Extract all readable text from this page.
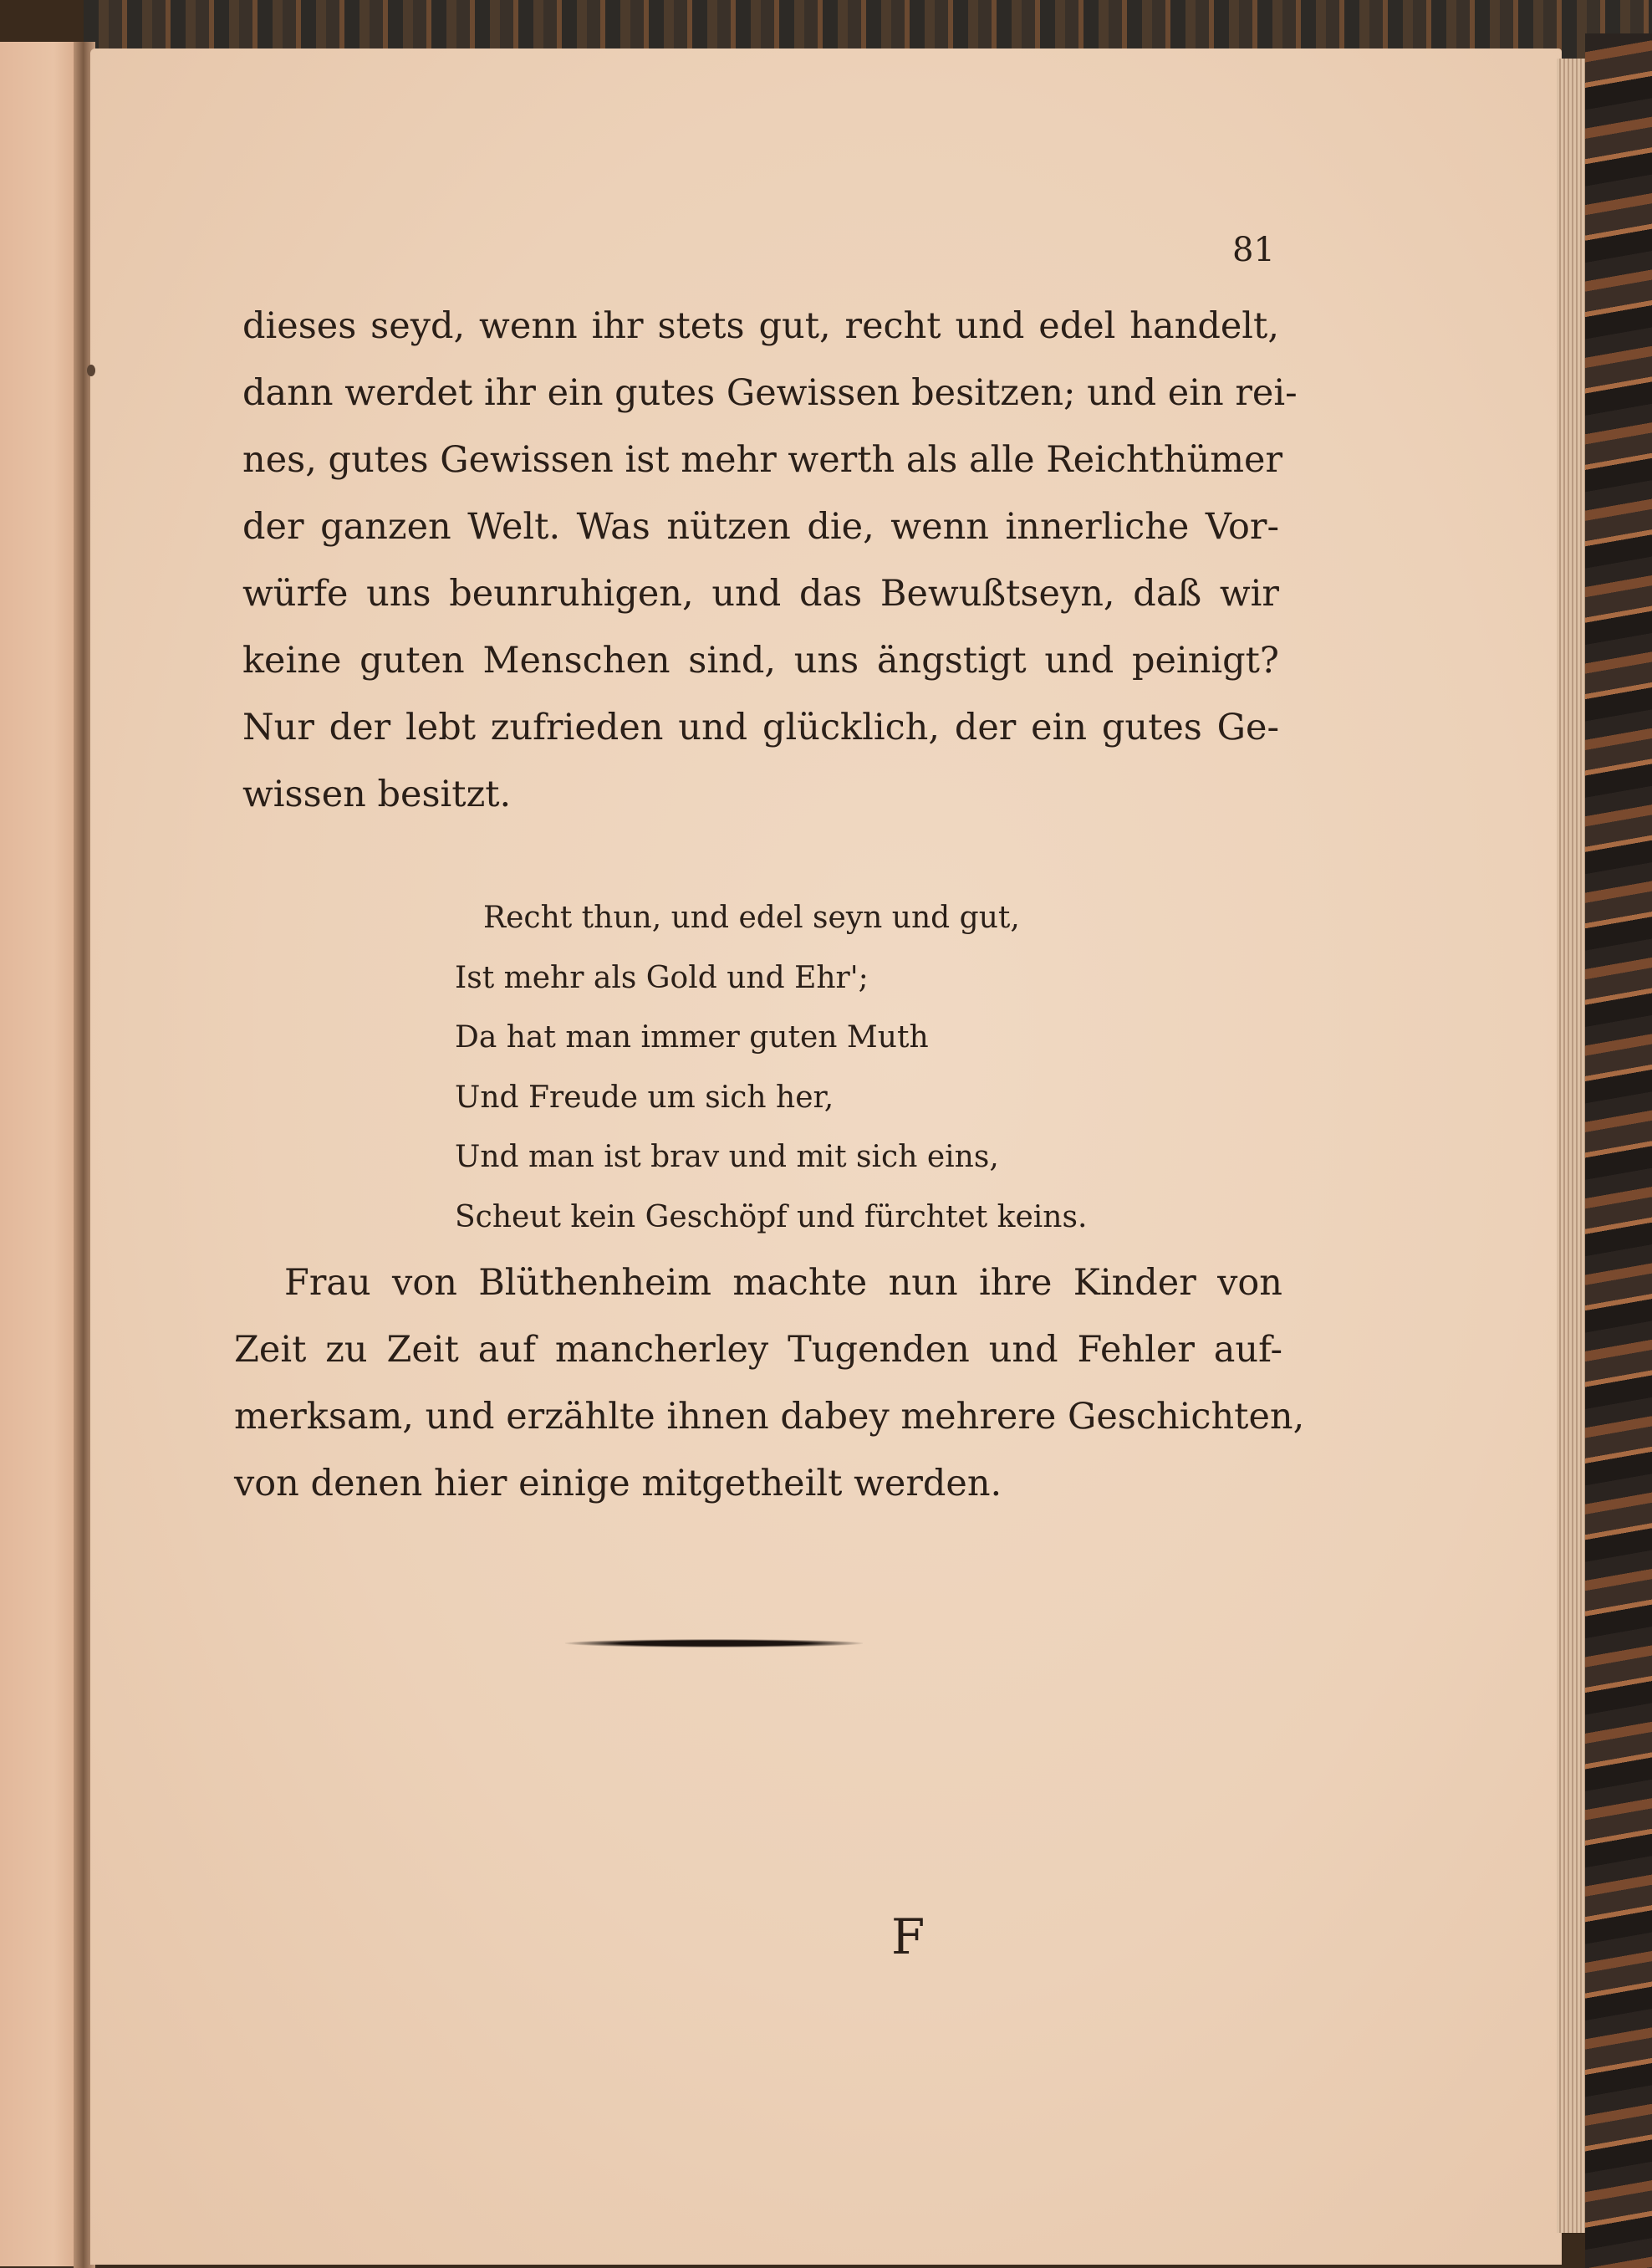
81
dieses seyd, wenn ihr stets gut, recht und edel handelt,
dann werdet ihr ein gutes Gewissen besitzen; und ein rei-
nes, gutes Gewissen ist mehr werth als alle Reichthümer
der ganzen Welt. Was nützen die, wenn innerliche Vor-
würfe uns beunruhigen, und das Bewußtseyn, daß wir
keine guten Menschen sind, uns ängstigt und peinigt?
Nur der lebt zufrieden und glücklich, der ein gutes Ge-
wissen besitzt.
Recht thun, und edel seyn und gut,
Ist mehr als Gold und Ehr';
Da hat man immer guten Muth
Und Freude um sich her,
Und man ist brav und mit sich eins,
Scheut kein Geschöpf und fürchtet keins.
Frau von Blüthenheim machte nun ihre Kinder von
Zeit zu Zeit auf mancherley Tugenden und Fehler auf-
merksam, und erzählte ihnen dabey mehrere Geschichten,
von denen hier einige mitgetheilt werden.
F
